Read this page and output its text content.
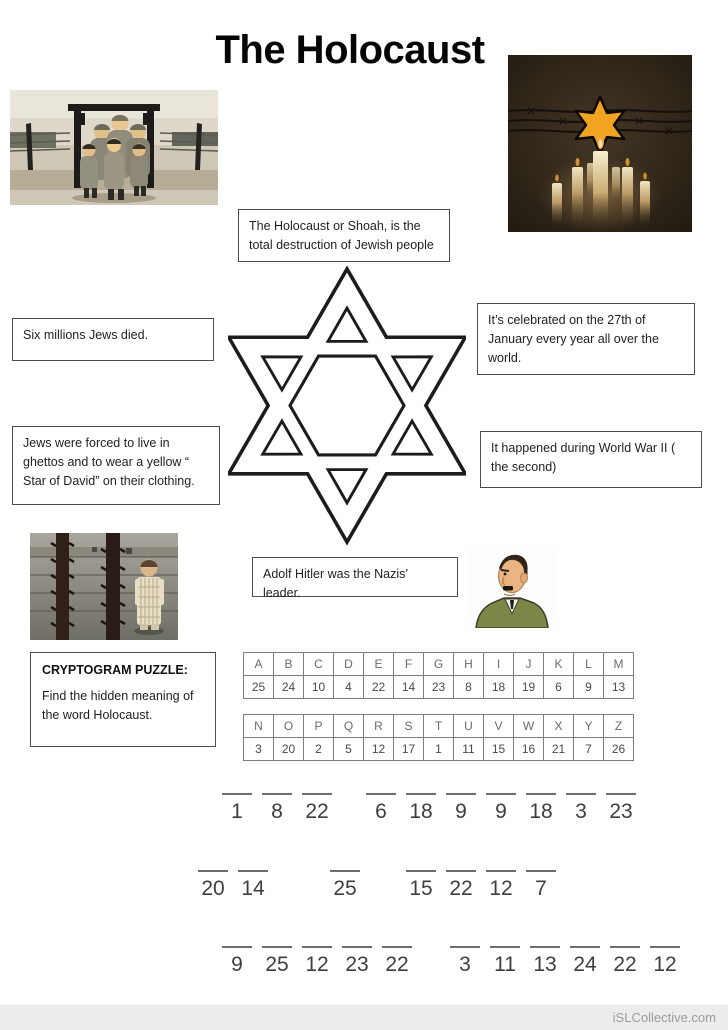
The Holocaust
The Holocaust or Shoah, is the total destruction of Jewish people
Six millions Jews died.
It’s celebrated on the 27th of January every year all over the world.
Jews were forced to live in ghettos and to wear a yellow “ Star of David” on their clothing.
It happened during World War II ( the second)
Adolf Hitler was the Nazis’ leader.
CRYPTOGRAM PUZZLE:
Find the hidden meaning of the word Holocaust.
A	B	C	D	E	F	G	H	I	J	K	L	M
25	24	10	4	22	14	23	8	18	19	6	9	13
N	O	P	Q	R	S	T	U	V	W	X	Y	Z
3	20	2	5	12	17	1	11	15	16	21	7	26
1	8	22	6	18	9	9	18	3	23
20 14	25	15 22 12	7
9	25 12 23 22	3	11 13 24 22 12
iSLCollective.com
